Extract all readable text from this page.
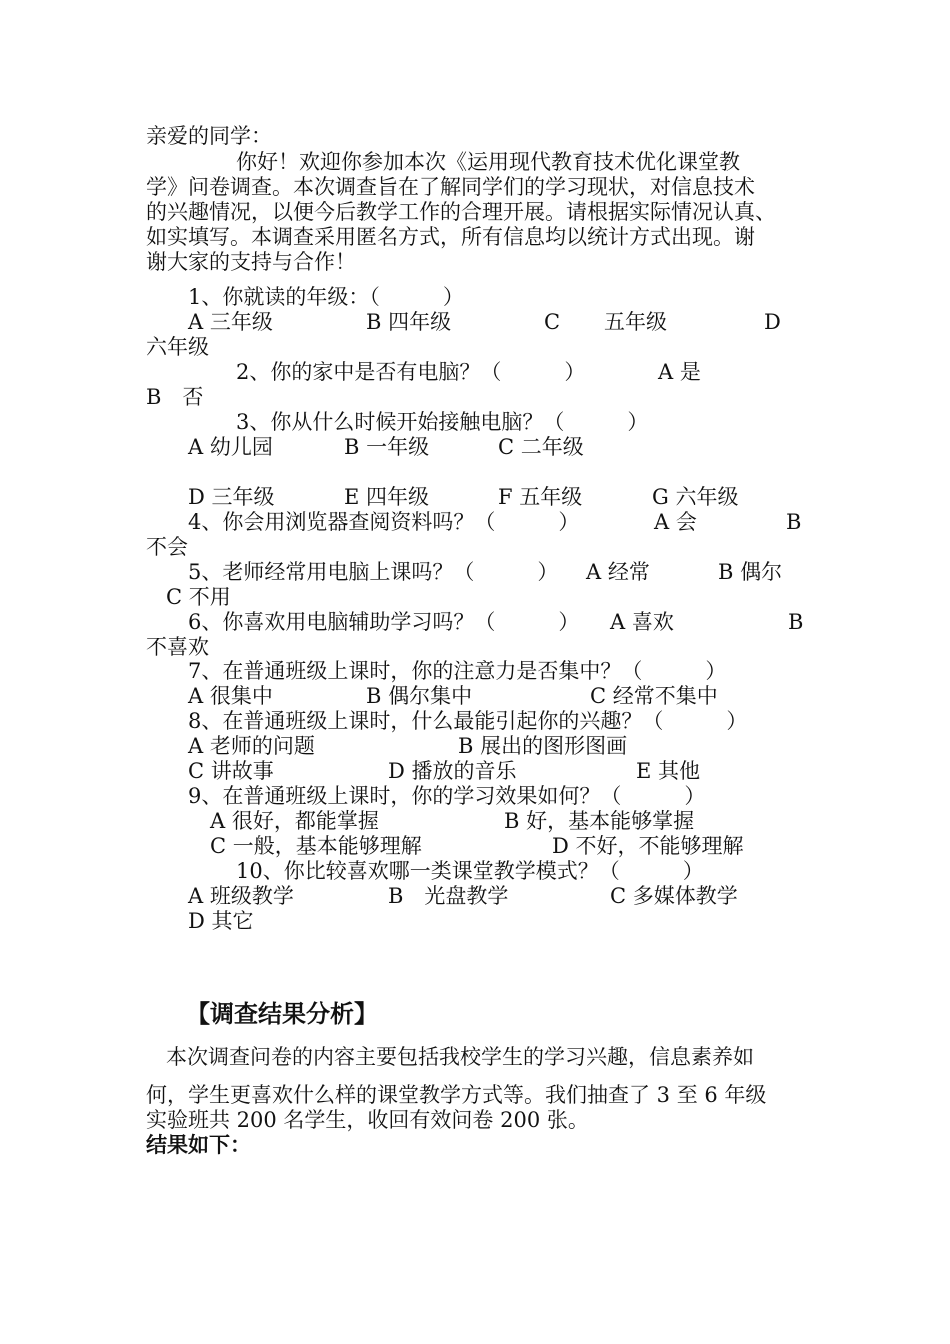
亲爱的同学：
你好！欢迎你参加本次《运用现代教育技术优化课堂教
学》问卷调查。本次调查旨在了解同学们的学习现状，对信息技术
的兴趣情况，以便今后教学工作的合理开展。请根据实际情况认真、
如实填写。本调查采用匿名方式，所有信息均以统计方式出现。谢
谢大家的支持与合作！
1、你就读的年级：（　　　）
A 三年级	B 四年级	C 五年级	D
六年级
2、你的家中是否有电脑？（　　　）	A 是
B　否
3、你从什么时候开始接触电脑？（　　　）
A 幼儿园	B 一年级	C 二年级
D 三年级	E 四年级	F 五年级	G 六年级
4、你会用浏览器查阅资料吗？（　　　）	A 会	B
不会
5、老师经常用电脑上课吗？（　　　） A 经常	B 偶尔
C 不用
6、你喜欢用电脑辅助学习吗？（　　　） A 喜欢	B
不喜欢
7、在普通班级上课时，你的注意力是否集中？（　　　）
A 很集中	B 偶尔集中	C 经常不集中
8、在普通班级上课时，什么最能引起你的兴趣？（　　　）
A 老师的问题	B 展出的图形图画
C 讲故事	D 播放的音乐	E 其他
9、在普通班级上课时，你的学习效果如何？（　　　）
A 很好，都能掌握	B 好，基本能够掌握
C 一般，基本能够理解	D 不好，不能够理解
10、你比较喜欢哪一类课堂教学模式？（　　　）
A 班级教学	B　光盘教学	C 多媒体教学
D 其它
【调查结果分析】
本次调查问卷的内容主要包括我校学生的学习兴趣，信息素养如
何，学生更喜欢什么样的课堂教学方式等。我们抽查了 3 至 6 年级
实验班共 200 名学生，收回有效问卷 200 张。
结果如下：
